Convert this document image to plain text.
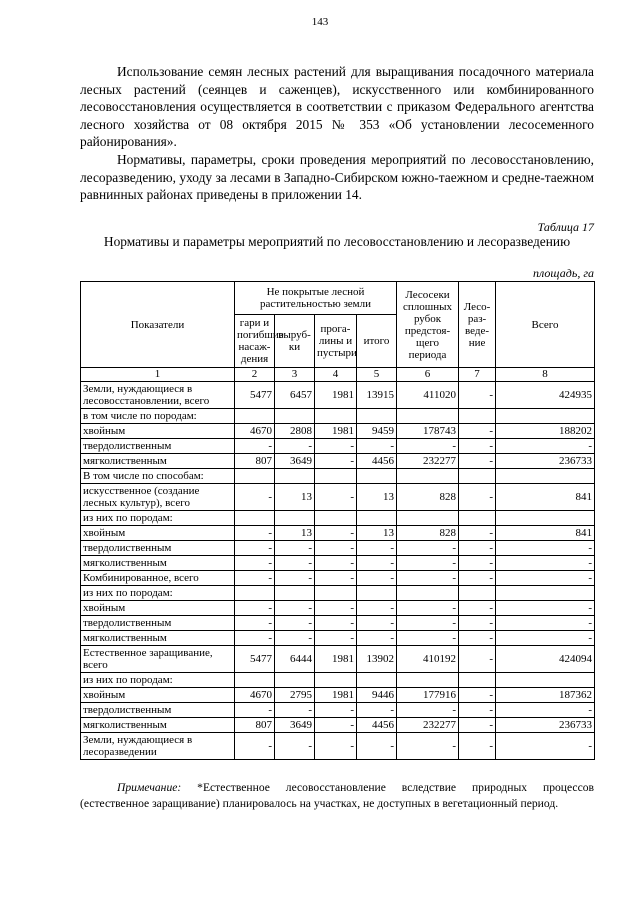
143

Использование семян лесных растений для выращивания посадочного материала лесных растений (сеянцев и саженцев), искусственного или комбинированного лесовосстановления осуществляется в соответствии с приказом Федерального агентства лесного хозяйства от 08 октября 2015 № 353 «Об установлении лесосеменного районирования».

Нормативы, параметры, сроки проведения мероприятий по лесовосстановлению, лесоразведению, уходу за лесами в Западно-Сибирском южно-таежном и средне-таежном равнинных районах приведены в приложении 14.

Таблица 17
Нормативы и параметры мероприятий по лесовосстановлению и лесоразведению
площадь, га
Показатели	Не покрытые лесной растительностью земли				Лесосеки сплошных рубок предстоя-щего периода	Лесо-раз-веде-ние	Всего
	гари и погибшие насаж-дения	выруб-ки	прога-лины и пустыри	итого			
1	2	3	4	5	6	7	8
Земли, нуждающиеся в лесовосстановлении, всего	5477	6457	1981	13915	411020	-	424935
в том числе по породам:							
хвойным	4670	2808	1981	9459	178743	-	188202
твердолиственным	-	-	-	-	-	-	-
мягколиственным	807	3649	-	4456	232277	-	236733
В том числе по способам:							
искусственное (создание лесных культур), всего	-	13	-	13	828	-	841
из них по породам:							
хвойным	-	13	-	13	828	-	841
твердолиственным	-	-	-	-	-	-	-
мягколиственным	-	-	-	-	-	-	-
Комбинированное, всего	-	-	-	-	-	-	-
из них по породам:							
хвойным	-	-	-	-	-	-	-
твердолиственным	-	-	-	-	-	-	-
мягколиственным	-	-	-	-	-	-	-
Естественное заращивание, всего	5477	6444	1981	13902	410192	-	424094
из них по породам:							
хвойным	4670	2795	1981	9446	177916	-	187362
твердолиственным	-	-	-	-	-	-	-
мягколиственным	807	3649	-	4456	232277	-	236733
Земли, нуждающиеся в лесоразведении	-	-	-	-	-	-	-

Примечание: *Естественное лесовосстановление вследствие природных процессов (естественное заращивание) планировалось на участках, не доступных в вегетационный период.
